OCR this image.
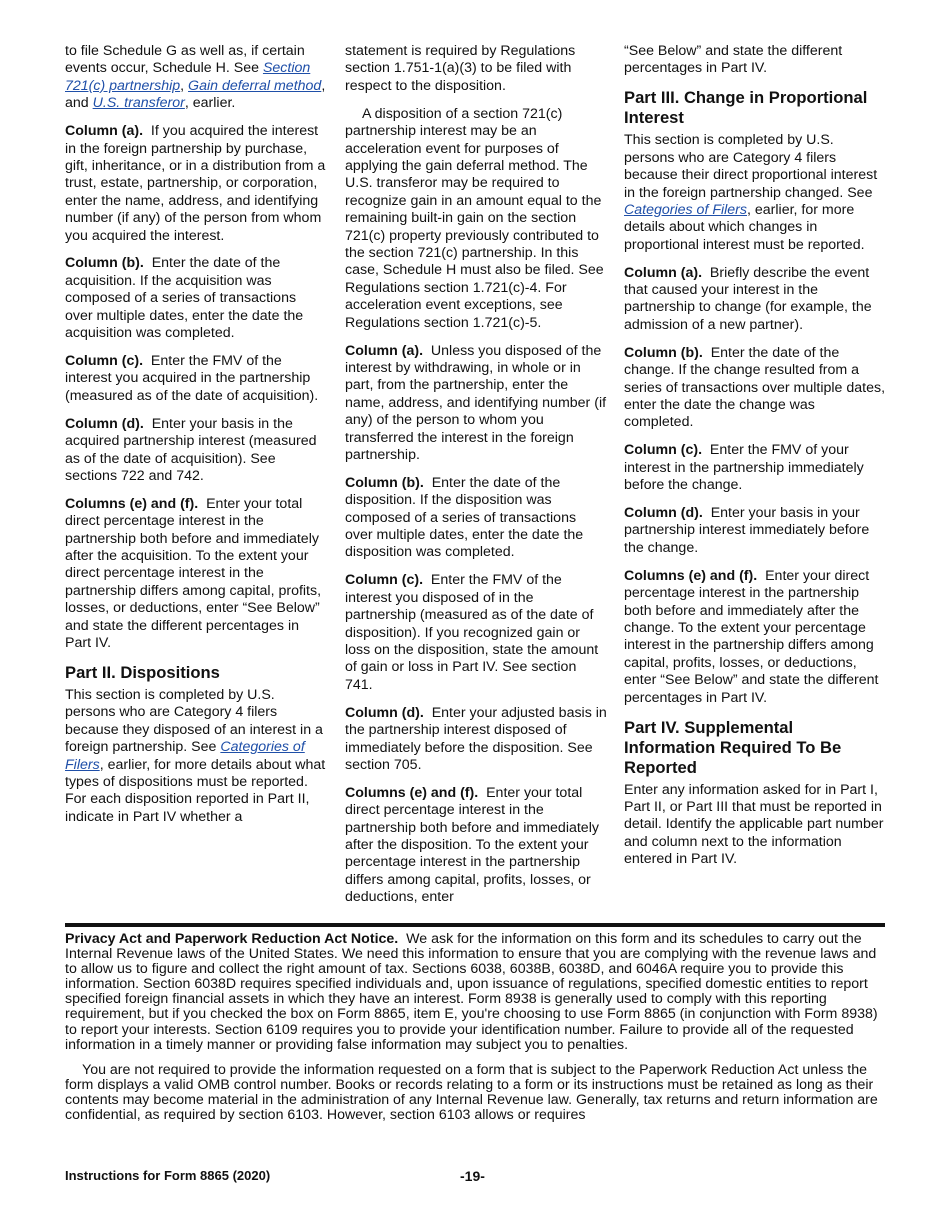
to file Schedule G as well as, if certain events occur, Schedule H. See Section 721(c) partnership, Gain deferral method, and U.S. transferor, earlier.

Column (a). If you acquired the interest in the foreign partnership by purchase, gift, inheritance, or in a distribution from a trust, estate, partnership, or corporation, enter the name, address, and identifying number (if any) of the person from whom you acquired the interest.

Column (b). Enter the date of the acquisition. If the acquisition was composed of a series of transactions over multiple dates, enter the date the acquisition was completed.

Column (c). Enter the FMV of the interest you acquired in the partnership (measured as of the date of acquisition).

Column (d). Enter your basis in the acquired partnership interest (measured as of the date of acquisition). See sections 722 and 742.

Columns (e) and (f). Enter your total direct percentage interest in the partnership both before and immediately after the acquisition. To the extent your direct percentage interest in the partnership differs among capital, profits, losses, or deductions, enter “See Below” and state the different percentages in Part IV.

Part II. Dispositions

This section is completed by U.S. persons who are Category 4 filers because they disposed of an interest in a foreign partnership. See Categories of Filers, earlier, for more details about what types of dispositions must be reported. For each disposition reported in Part II, indicate in Part IV whether a

statement is required by Regulations section 1.751-1(a)(3) to be filed with respect to the disposition.

A disposition of a section 721(c) partnership interest may be an acceleration event for purposes of applying the gain deferral method. The U.S. transferor may be required to recognize gain in an amount equal to the remaining built-in gain on the section 721(c) property previously contributed to the section 721(c) partnership. In this case, Schedule H must also be filed. See Regulations section 1.721(c)-4. For acceleration event exceptions, see Regulations section 1.721(c)-5.

Column (a). Unless you disposed of the interest by withdrawing, in whole or in part, from the partnership, enter the name, address, and identifying number (if any) of the person to whom you transferred the interest in the foreign partnership.

Column (b). Enter the date of the disposition. If the disposition was composed of a series of transactions over multiple dates, enter the date the disposition was completed.

Column (c). Enter the FMV of the interest you disposed of in the partnership (measured as of the date of disposition). If you recognized gain or loss on the disposition, state the amount of gain or loss in Part IV. See section 741.

Column (d). Enter your adjusted basis in the partnership interest disposed of immediately before the disposition. See section 705.

Columns (e) and (f). Enter your total direct percentage interest in the partnership both before and immediately after the disposition. To the extent your percentage interest in the partnership differs among capital, profits, losses, or deductions, enter

“See Below” and state the different percentages in Part IV.

Part III. Change in Proportional Interest

This section is completed by U.S. persons who are Category 4 filers because their direct proportional interest in the foreign partnership changed. See Categories of Filers, earlier, for more details about which changes in proportional interest must be reported.

Column (a). Briefly describe the event that caused your interest in the partnership to change (for example, the admission of a new partner).

Column (b). Enter the date of the change. If the change resulted from a series of transactions over multiple dates, enter the date the change was completed.

Column (c). Enter the FMV of your interest in the partnership immediately before the change.

Column (d). Enter your basis in your partnership interest immediately before the change.

Columns (e) and (f). Enter your direct percentage interest in the partnership both before and immediately after the change. To the extent your percentage interest in the partnership differs among capital, profits, losses, or deductions, enter “See Below” and state the different percentages in Part IV.

Part IV. Supplemental Information Required To Be Reported

Enter any information asked for in Part I, Part II, or Part III that must be reported in detail. Identify the applicable part number and column next to the information entered in Part IV.

Privacy Act and Paperwork Reduction Act Notice. We ask for the information on this form and its schedules to carry out the Internal Revenue laws of the United States. We need this information to ensure that you are complying with the revenue laws and to allow us to figure and collect the right amount of tax. Sections 6038, 6038B, 6038D, and 6046A require you to provide this information. Section 6038D requires specified individuals and, upon issuance of regulations, specified domestic entities to report specified foreign financial assets in which they have an interest. Form 8938 is generally used to comply with this reporting requirement, but if you checked the box on Form 8865, item E, you're choosing to use Form 8865 (in conjunction with Form 8938) to report your interests. Section 6109 requires you to provide your identification number. Failure to provide all of the requested information in a timely manner or providing false information may subject you to penalties.

You are not required to provide the information requested on a form that is subject to the Paperwork Reduction Act unless the form displays a valid OMB control number. Books or records relating to a form or its instructions must be retained as long as their contents may become material in the administration of any Internal Revenue law. Generally, tax returns and return information are confidential, as required by section 6103. However, section 6103 allows or requires

Instructions for Form 8865 (2020)	-19-
